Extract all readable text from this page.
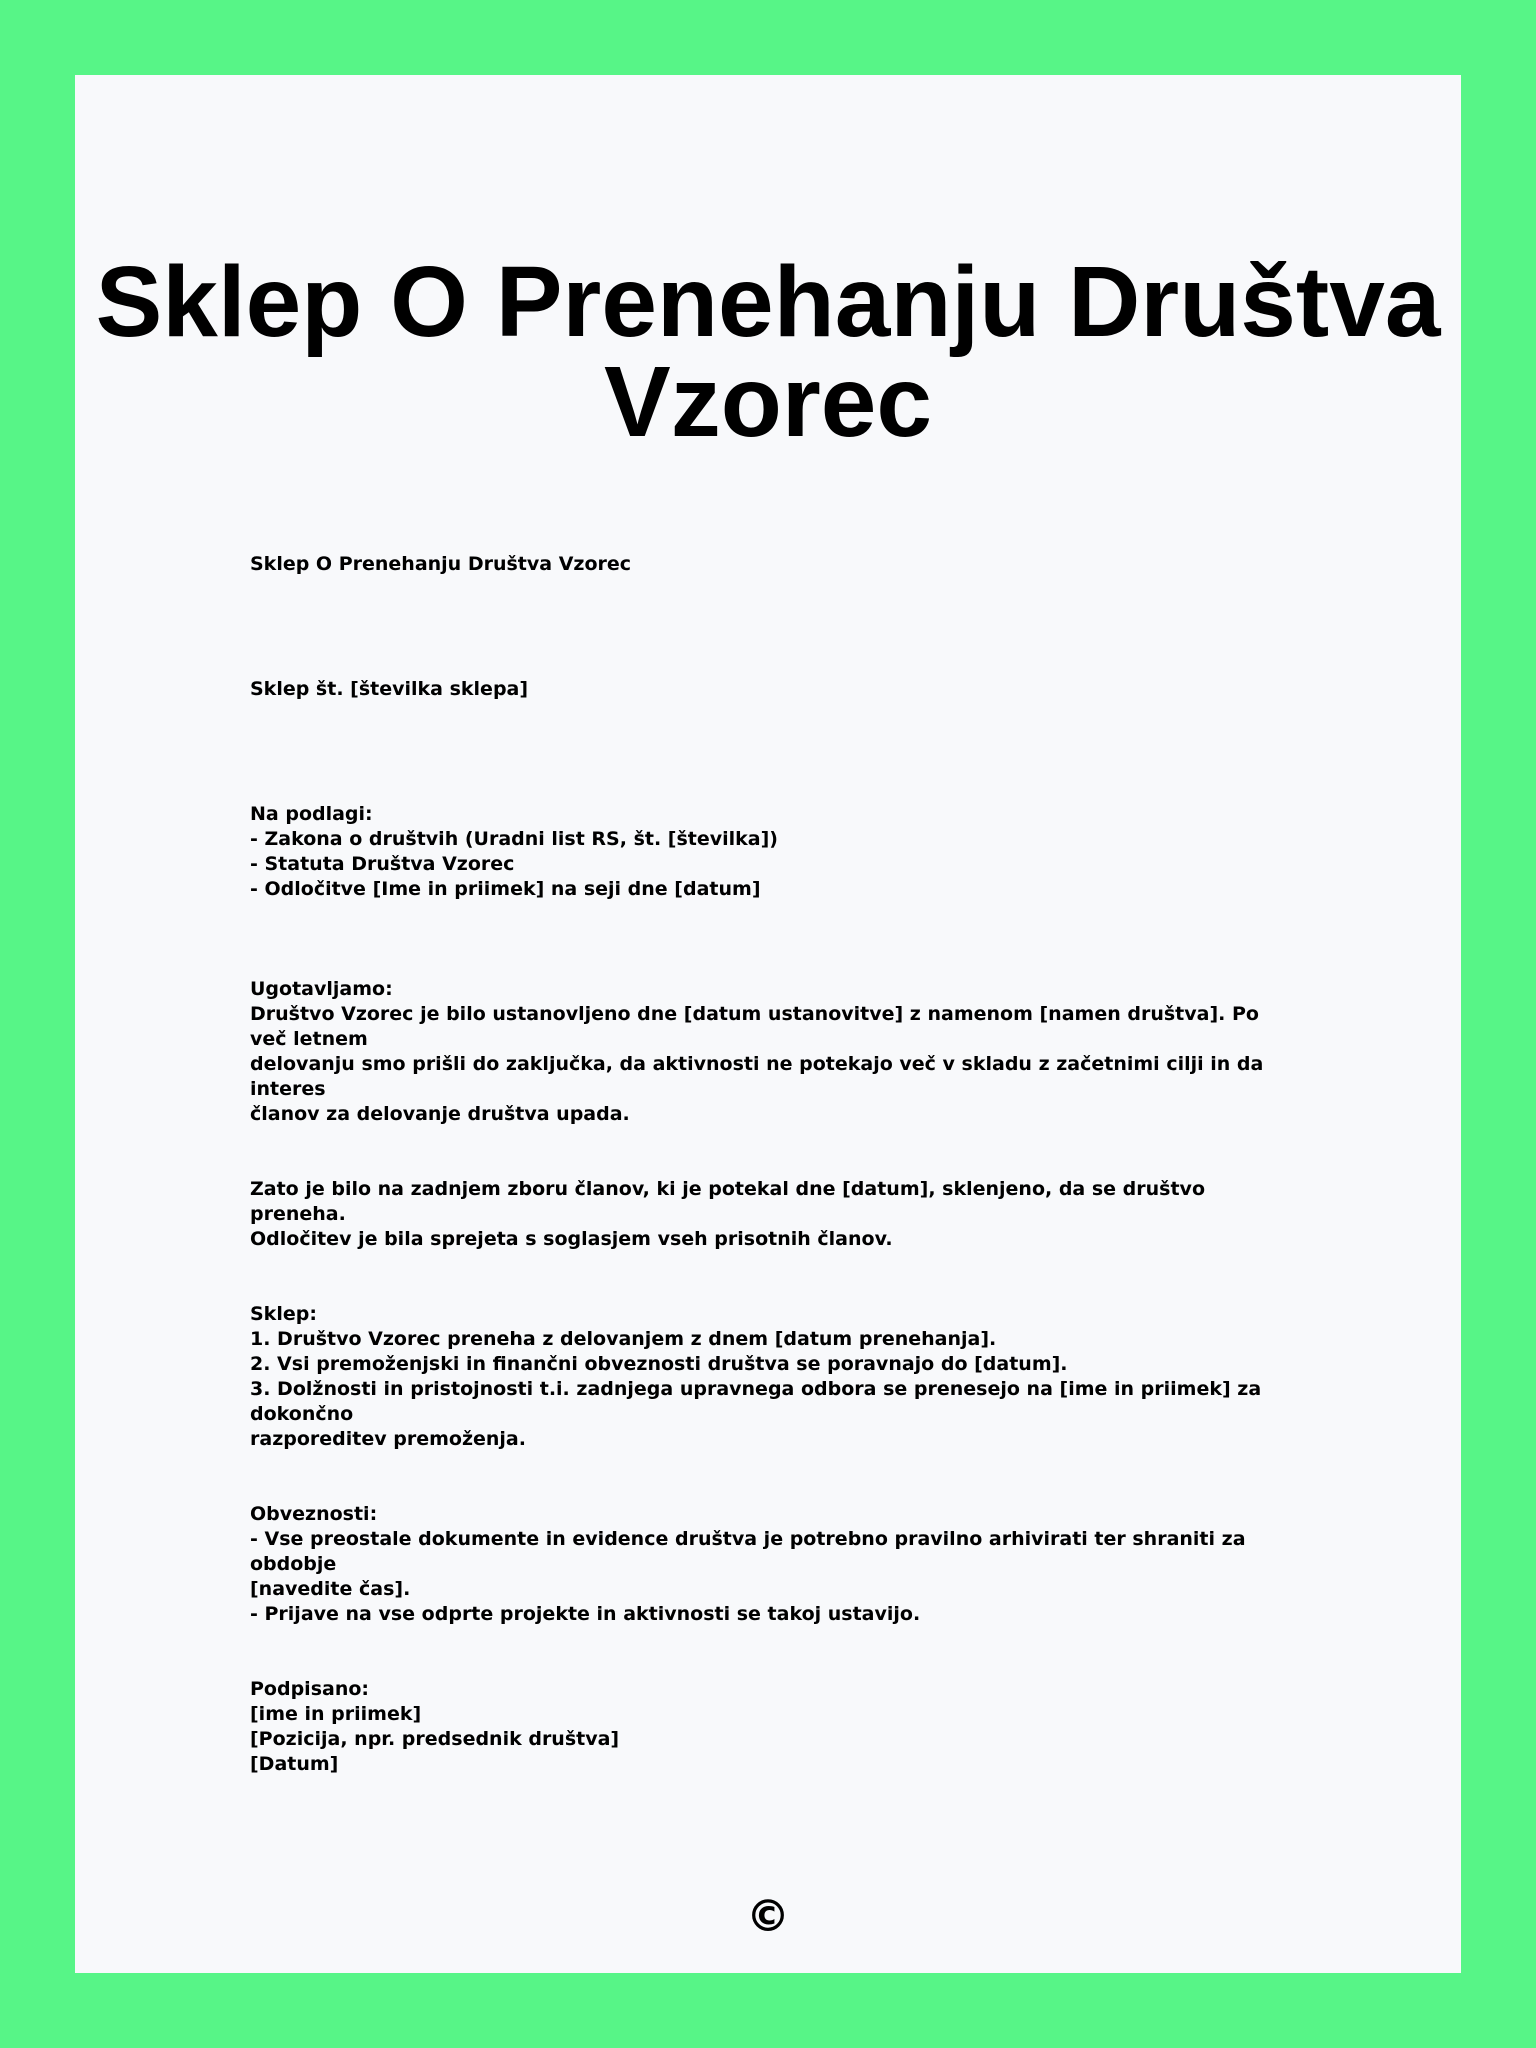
Sklep O Prenehanju Društva Vzorec

Sklep O Prenehanju Društva Vzorec

Sklep št. [številka sklepa]

Na podlagi:
- Zakona o društvih (Uradni list RS, št. [številka])
- Statuta Društva Vzorec
- Odločitve [Ime in priimek] na seji dne [datum]

Ugotavljamo:
Društvo Vzorec je bilo ustanovljeno dne [datum ustanovitve] z namenom [namen društva]. Po več letnem
delovanju smo prišli do zaključka, da aktivnosti ne potekajo več v skladu z začetnimi cilji in da interes
članov za delovanje društva upada.

Zato je bilo na zadnjem zboru članov, ki je potekal dne [datum], sklenjeno, da se društvo preneha.
Odločitev je bila sprejeta s soglasjem vseh prisotnih članov.

Sklep:
1. Društvo Vzorec preneha z delovanjem z dnem [datum prenehanja].
2. Vsi premoženjski in finančni obveznosti društva se poravnajo do [datum].
3. Dolžnosti in pristojnosti t.i. zadnjega upravnega odbora se prenesejo na [ime in priimek] za dokončno
razporeditev premoženja.

Obveznosti:
- Vse preostale dokumente in evidence društva je potrebno pravilno arhivirati ter shraniti za obdobje
[navedite čas].
- Prijave na vse odprte projekte in aktivnosti se takoj ustavijo.

Podpisano:
[ime in priimek]
[Pozicija, npr. predsednik društva]
[Datum]

©
